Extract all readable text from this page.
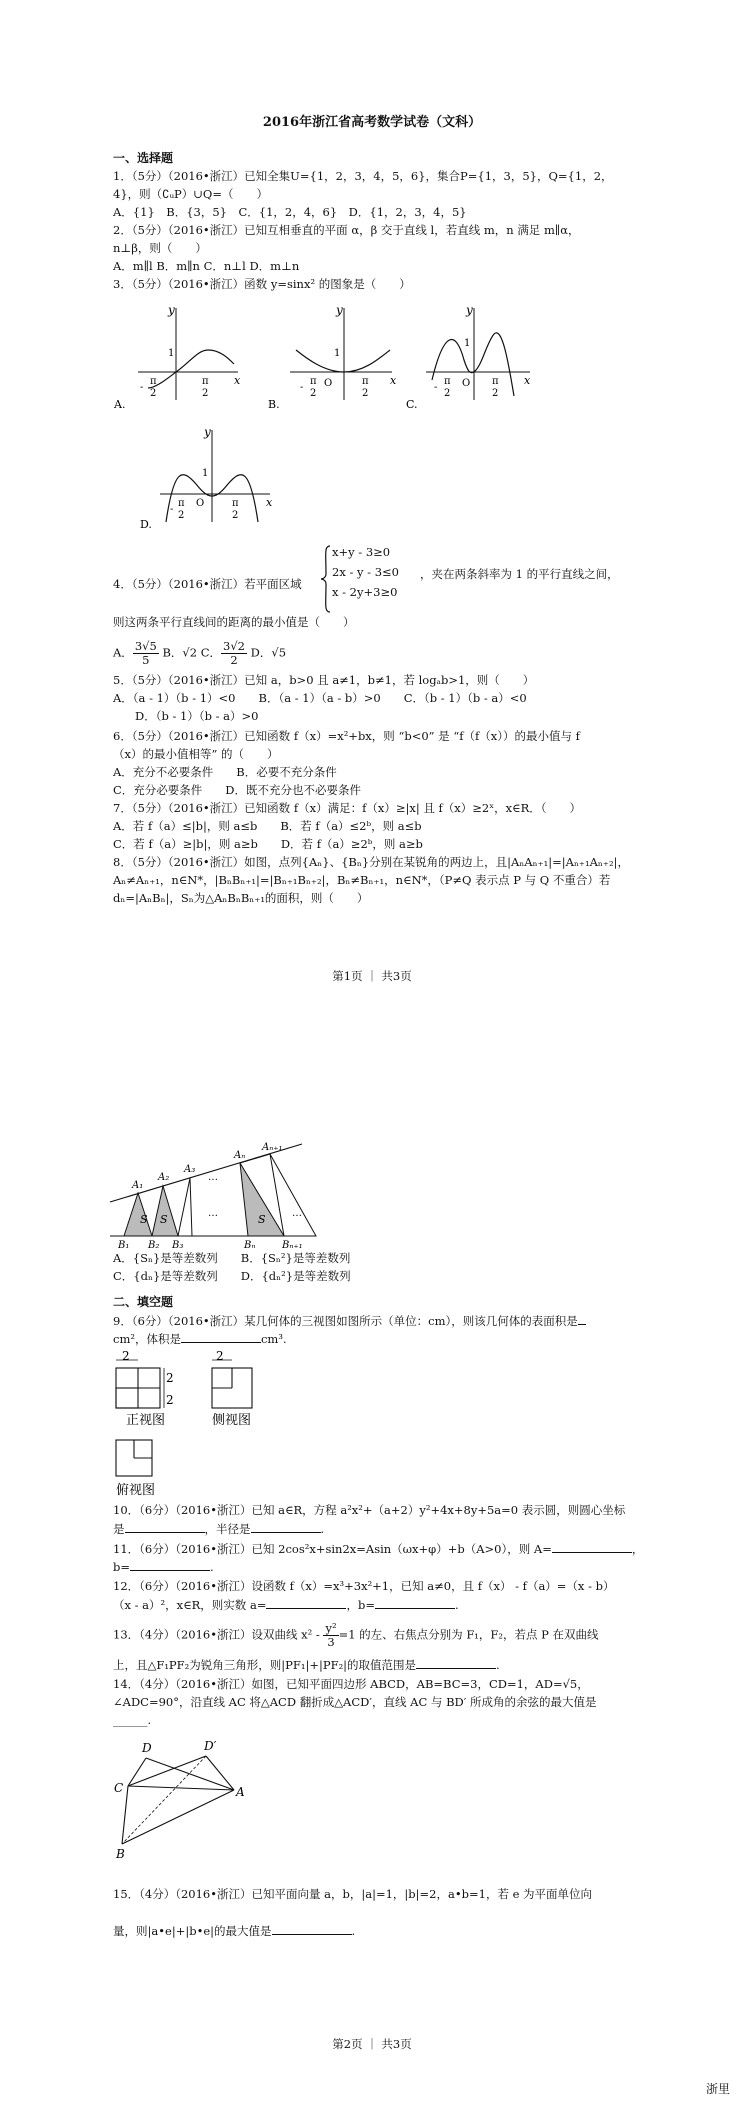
2016年浙江省高考数学试卷（文科）
一、选择题
1．（5分）（2016•浙江）已知全集U={1，2，3，4，5，6}，集合P={1，3，5}，Q={1，2，
4}，则（∁ᵤP）∪Q=（　　）
A．{1}　B．{3，5}　C．{1，2，4，6}　D．{1，2，3，4，5}
2．（5分）（2016•浙江）已知互相垂直的平面 α，β 交于直线 l，若直线 m，n 满足 m∥α，
n⊥β，则（　　）
A．m∥l B．m∥n C．n⊥l D．m⊥n
3．（5分）（2016•浙江）函数 y=sinx² 的图象是（　　）
y
x
1
π
2
-
π
2
A.
y
x
1
O
π
2
-
π
2
B.
y
x
1
O
π
2
-
π
2
C.
y
x
1
O
π
2
-
π
2
D.
4．（5分）（2016•浙江）若平面区域
x+y - 3≥0
2x - y - 3≤0
x - 2y+3≥0
，夹在两条斜率为 1 的平行直线之间，
则这两条平行直线间的距离的最小值是（　　）
A． $\frac{3√5}{5}$ B．√2 C． $\frac{3√2}{2}$ D．√5
5．（5分）（2016•浙江）已知 a，b>0 且 a≠1，b≠1，若 logₐb>1，则（　　）
A．（a - 1）（b - 1）<0　　B．（a - 1）（a - b）>0　　C．（b - 1）（b - a）<0
D．（b - 1）（b - a）>0
6．（5分）（2016•浙江）已知函数 f（x）=x²+bx，则 “b<0” 是 “f（f（x））的最小值与 f
（x）的最小值相等” 的（　　）
A．充分不必要条件　　B．必要不充分条件
C．充分必要条件　　D．既不充分也不必要条件
7．（5分）（2016•浙江）已知函数 f（x）满足：f（x）≥|x| 且 f（x）≥2ˣ，x∈R．（　　）
A．若 f（a）≤|b|，则 a≤b　　B．若 f（a）≤2ᵇ，则 a≤b
C．若 f（a）≥|b|，则 a≥b　　D．若 f（a）≥2ᵇ，则 a≥b
8．（5分）（2016•浙江）如图，点列{Aₙ}、{Bₙ}分别在某锐角的两边上，且|AₙAₙ₊₁|=|Aₙ₊₁Aₙ₊₂|，
Aₙ≠Aₙ₊₁，n∈N*，|BₙBₙ₊₁|=|Bₙ₊₁Bₙ₊₂|，Bₙ≠Bₙ₊₁，n∈N*，（P≠Q 表示点 P 与 Q 不重合）若
dₙ=|AₙBₙ|，Sₙ为△AₙBₙBₙ₊₁的面积，则（　　）
第1页 ｜ 共3页
S S	S
…	…
…
A₁
A₂
A₃
Aₙ
Aₙ₊₁
B₁ B₂ B₃	Bₙ	Bₙ₊₁
A．{Sₙ}是等差数列　　B．{Sₙ²}是等差数列
C．{dₙ}是等差数列　　D．{dₙ²}是等差数列
二、填空题
9．（6分）（2016•浙江）某几何体的三视图如图所示（单位：cm），则该几何体的表面积是
cm²，体积是	cm³.
2
2
2
正视图
2
侧视图
俯视图
10．（6分）（2016•浙江）已知 a∈R，方程 a²x²+（a+2）y²+4x+8y+5a=0 表示圆，则圆心坐标
是	，半径是	.
11．（6分）（2016•浙江）已知 2cos²x+sin2x=Asin（ωx+φ）+b（A>0），则 A=	，
b=	.
12．（6分）（2016•浙江）设函数 f（x）=x³+3x²+1，已知 a≠0，且 f（x） - f（a）=（x - b）
（x - a）²，x∈R，则实数 a=	，b=	.
13．（4分）（2016•浙江）设双曲线 $x^2 - \frac{\text{y²}}{3} =1$ 的左、右焦点分别为 F₁，F₂，若点 P 在双曲线
上，且△F₁PF₂为锐角三角形，则|PF₁|+|PF₂|的取值范围是	.
14．（4分）（2016•浙江）如图，已知平面四边形 ABCD，AB=BC=3，CD=1，AD=√5，
∠ADC=90°，沿直线 AC 将△ACD 翻折成△ACD′，直线 AC 与 BD′ 所成角的余弦的最大值是
______.
D	D′
C	A
B
15．（4分）（2016•浙江）已知平面向量 a，b，|a|=1，|b|=2，a•b=1，若 e 为平面单位向
量，则|a•e|+|b•e|的最大值是	.
第2页 ｜ 共3页
浙里
